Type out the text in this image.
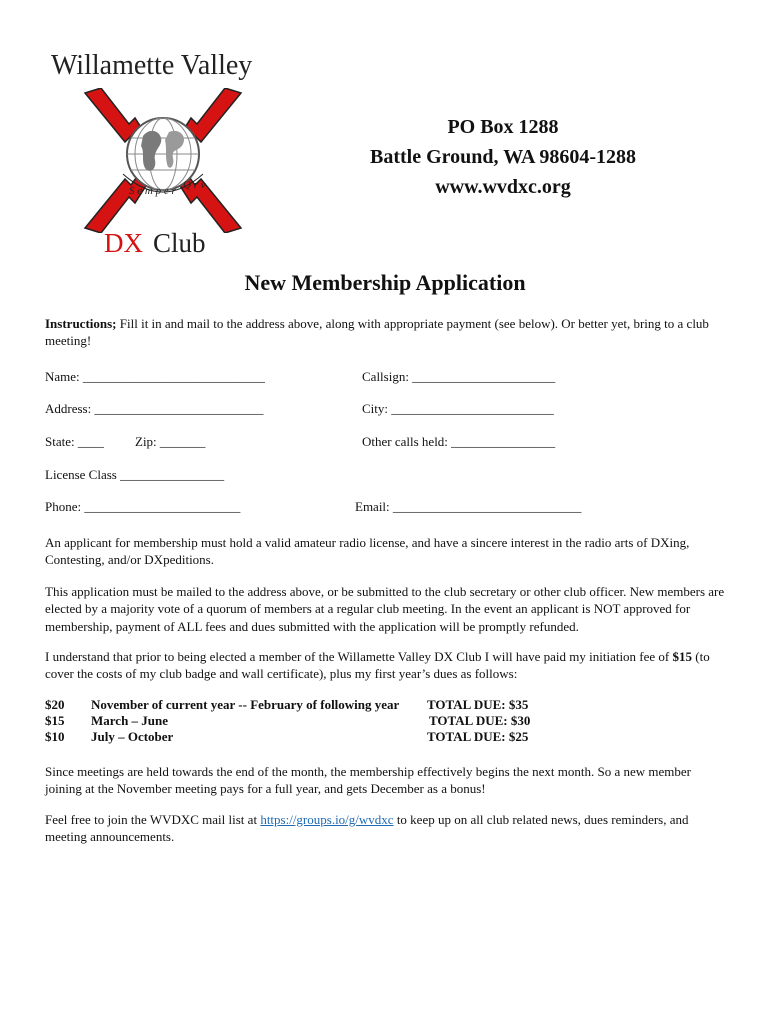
Willamette Valley
S e m p e r Q r v
DX Club
PO Box 1288
Battle Ground, WA 98604-1288
www.wvdxc.org
New Membership Application
Instructions; Fill it in and mail to the address above, along with appropriate payment (see below). Or better yet, bring to a club meeting!
Name: ____________________________	Callsign: ______________________
Address: __________________________	City: _________________________
State: ____ Zip: _______	Other calls held: ________________
License Class ________________
Phone: ________________________	Email: _____________________________
An applicant for membership must hold a valid amateur radio license, and have a sincere interest in the radio arts of DXing, Contesting, and/or DXpeditions.
This application must be mailed to the address above, or be submitted to the club secretary or other club officer. New members are elected by a majority vote of a quorum of members at a regular club meeting. In the event an applicant is NOT approved for membership, payment of ALL fees and dues submitted with the application will be promptly refunded.
I understand that prior to being elected a member of the Willamette Valley DX Club I will have paid my initiation fee of $15 (to cover the costs of my club badge and wall certificate), plus my first year’s dues as follows:
$20	November of current year -- February of following year TOTAL DUE: $35
$15	March – June	TOTAL DUE: $30
$10	July – October	TOTAL DUE: $25
Since meetings are held towards the end of the month, the membership effectively begins the next month. So a new member joining at the November meeting pays for a full year, and gets December as a bonus!
Feel free to join the WVDXC mail list at https://groups.io/g/wvdxc to keep up on all club related news, dues reminders, and meeting announcements.
